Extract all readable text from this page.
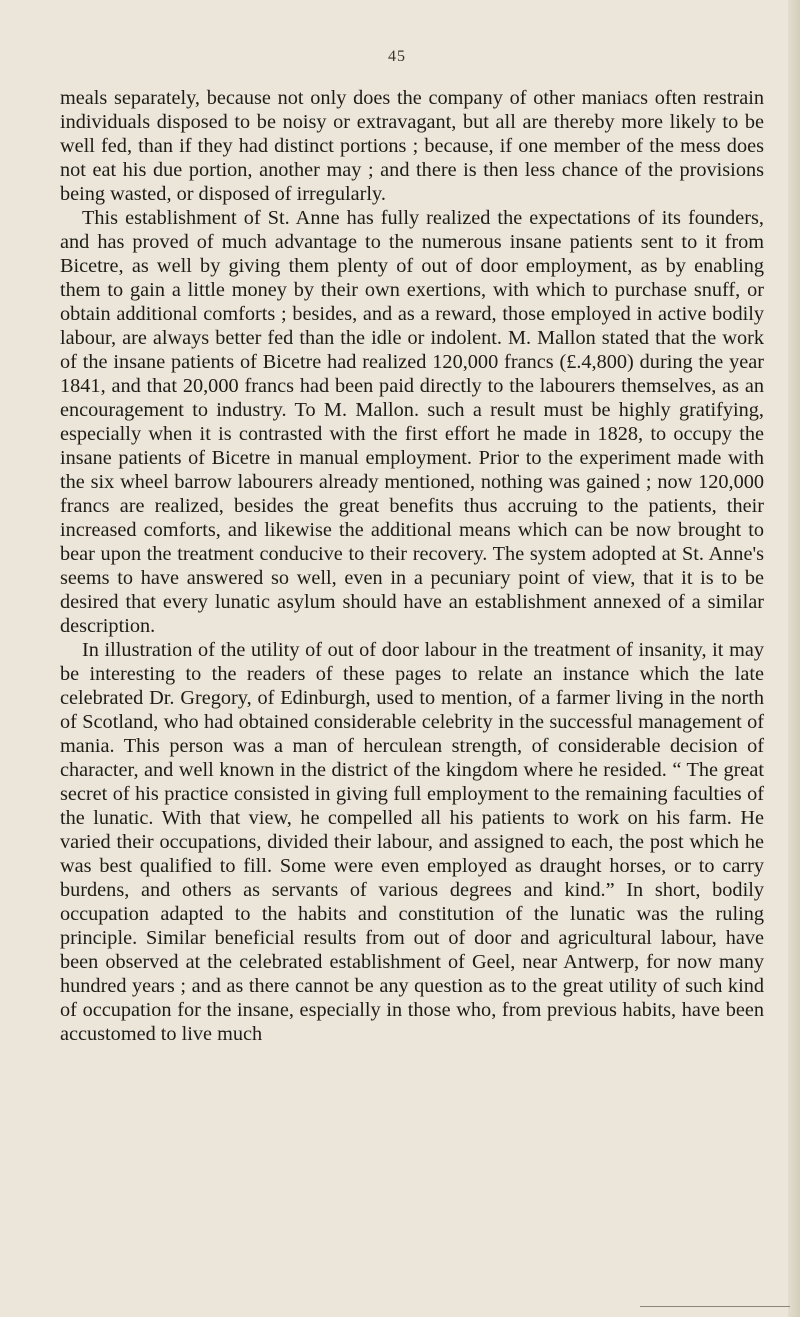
45

meals separately, because not only does the company of other maniacs often restrain individuals disposed to be noisy or extravagant, but all are thereby more likely to be well fed, than if they had distinct portions ; because, if one member of the mess does not eat his due portion, another may ; and there is then less chance of the provisions being wasted, or disposed of irregularly.

This establishment of St. Anne has fully realized the expectations of its founders, and has proved of much advantage to the numerous insane patients sent to it from Bicetre, as well by giving them plenty of out of door employment, as by enabling them to gain a little money by their own exertions, with which to purchase snuff, or obtain additional comforts ; besides, and as a reward, those employed in active bodily labour, are always better fed than the idle or indolent. M. Mallon stated that the work of the insane patients of Bicetre had realized 120,000 francs (£.4,800) during the year 1841, and that 20,000 francs had been paid directly to the labourers themselves, as an encouragement to industry. To M. Mallon. such a result must be highly gratifying, especially when it is contrasted with the first effort he made in 1828, to occupy the insane patients of Bicetre in manual employment. Prior to the experiment made with the six wheel barrow labourers already mentioned, nothing was gained ; now 120,000 francs are realized, besides the great benefits thus accruing to the patients, their increased comforts, and likewise the additional means which can be now brought to bear upon the treatment conducive to their recovery. The system adopted at St. Anne's seems to have answered so well, even in a pecuniary point of view, that it is to be desired that every lunatic asylum should have an establishment annexed of a similar description.

In illustration of the utility of out of door labour in the treatment of insanity, it may be interesting to the readers of these pages to relate an instance which the late celebrated Dr. Gregory, of Edinburgh, used to mention, of a farmer living in the north of Scotland, who had obtained considerable celebrity in the successful management of mania. This person was a man of herculean strength, of considerable decision of character, and well known in the district of the kingdom where he resided. “ The great secret of his practice consisted in giving full employment to the remaining faculties of the lunatic. With that view, he compelled all his patients to work on his farm. He varied their occupations, divided their labour, and assigned to each, the post which he was best qualified to fill. Some were even employed as draught horses, or to carry burdens, and others as servants of various degrees and kind.” In short, bodily occupation adapted to the habits and constitution of the lunatic was the ruling principle. Similar beneficial results from out of door and agricultural labour, have been observed at the celebrated establishment of Geel, near Antwerp, for now many hundred years ; and as there cannot be any question as to the great utility of such kind of occupation for the insane, especially in those who, from previous habits, have been accustomed to live much
